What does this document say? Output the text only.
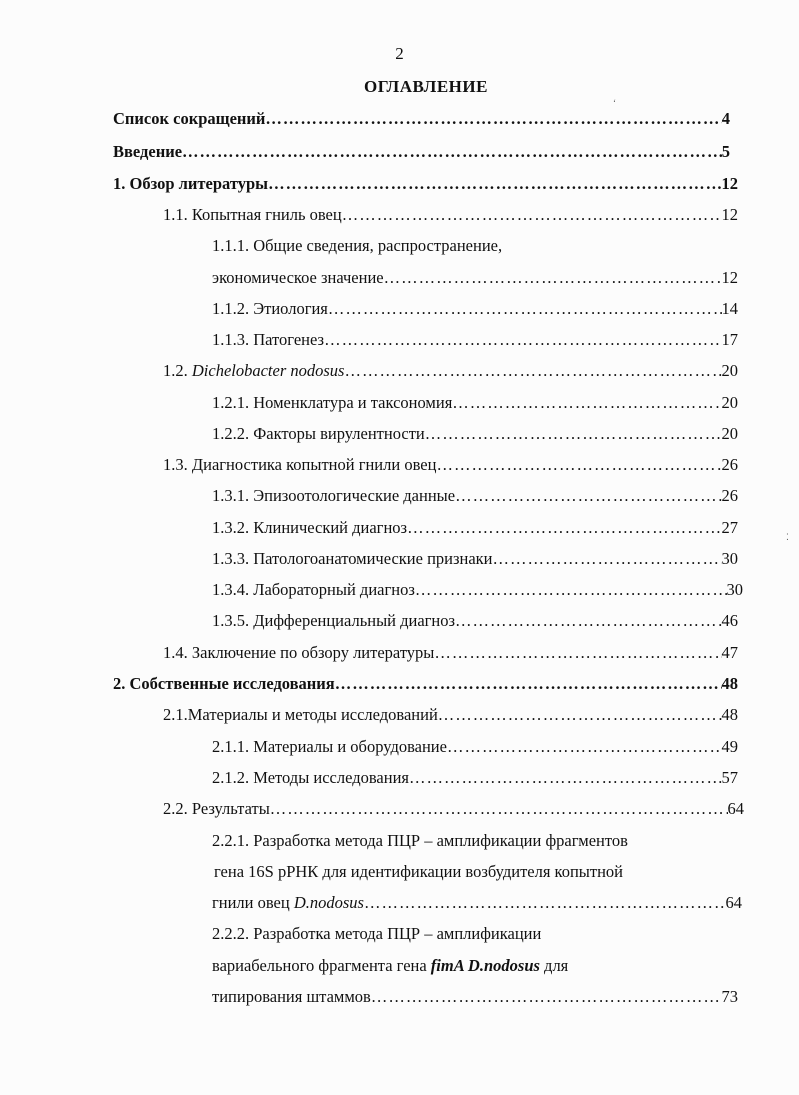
2
ОГЛАВЛЕНИЕ
‘
⁚
Список сокращений …………………………………………………………………………………………………………………………………………………………………………	4
Введение …………………………………………………………………………………………………………………………………………………………………………	5
1. Обзор литературы …………………………………………………………………………………………………………………………………………………………………………	12
1.1. Копытная гниль овец …………………………………………………………………………………………………………………………………………………………………………	12
1.1.1. Общие сведения, распространение,
экономическое значение …………………………………………………………………………………………………………………………………………………………………………	12
1.1.2. Этиология …………………………………………………………………………………………………………………………………………………………………………	14
1.1.3. Патогенез …………………………………………………………………………………………………………………………………………………………………………	17
1.2. Dichelobacter nodosus …………………………………………………………………………………………………………………………………………………………………………	20
1.2.1. Номенклатура и таксономия …………………………………………………………………………………………………………………………………………………………………………	20
1.2.2. Факторы вирулентности …………………………………………………………………………………………………………………………………………………………………………	20
1.3. Диагностика копытной гнили овец …………………………………………………………………………………………………………………………………………………………………………	26
1.3.1. Эпизоотологические данные …………………………………………………………………………………………………………………………………………………………………………	26
1.3.2. Клинический диагноз …………………………………………………………………………………………………………………………………………………………………………	27
1.3.3. Патологоанатомические признаки …………………………………………………………………………………………………………………………………………………………………………	30
1.3.4. Лабораторный диагноз …………………………………………………………………………………………………………………………………………………………………………	30
1.3.5. Дифференциальный диагноз …………………………………………………………………………………………………………………………………………………………………………	46
1.4. Заключение по обзору литературы …………………………………………………………………………………………………………………………………………………………………………	47
2. Собственные исследования …………………………………………………………………………………………………………………………………………………………………………	48
2.1.Материалы и методы исследований …………………………………………………………………………………………………………………………………………………………………………	48
2.1.1. Материалы и оборудование …………………………………………………………………………………………………………………………………………………………………………	49
2.1.2. Методы исследования …………………………………………………………………………………………………………………………………………………………………………	57
2.2. Результаты …………………………………………………………………………………………………………………………………………………………………………	64
2.2.1. Разработка метода ПЦР – амплификации фрагментов
гена 16S рРНК для идентификации возбудителя копытной
гнили овец D.nodosus …………………………………………………………………………………………………………………………………………………………………………	64
2.2.2. Разработка метода ПЦР – амплификации
вариабельного фрагмента гена fimA D.nodosus для
типирования штаммов …………………………………………………………………………………………………………………………………………………………………………	73
